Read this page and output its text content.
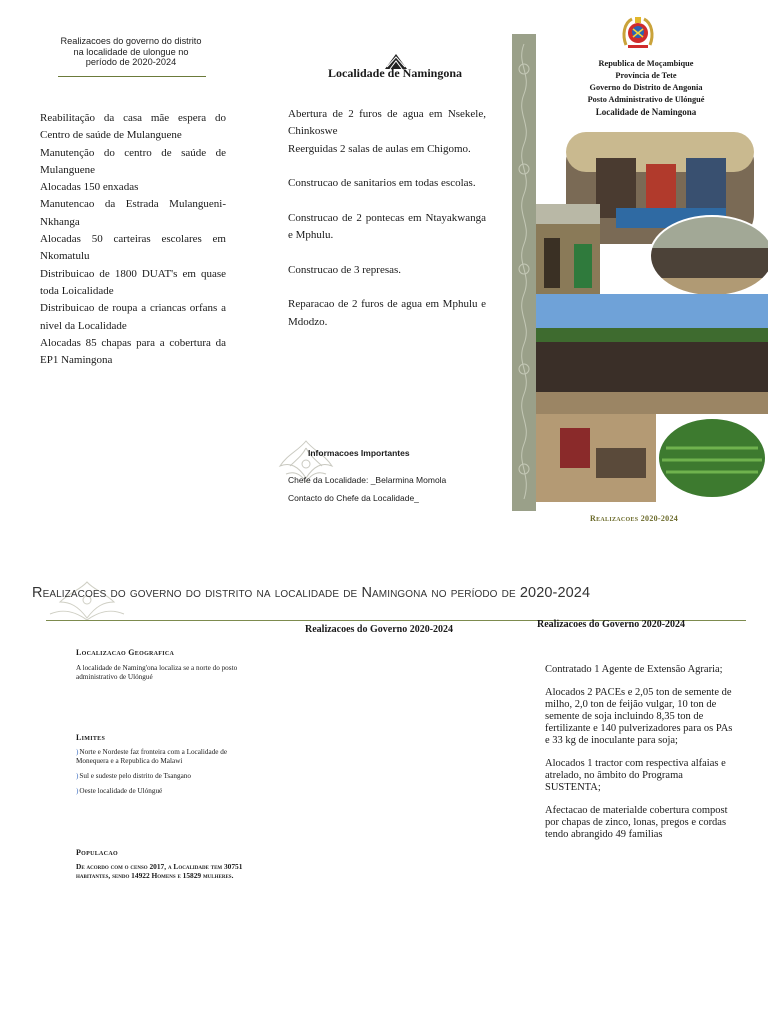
Realizacoes do governo do distrito na localidade de ulongue no período de 2020-2024

Reabilitação da casa mãe espera do Centro de saúde de Mulanguene

Manutenção do centro de saúde de Mulanguene

Alocadas 150 enxadas

Manutencao da Estrada Mulangueni-Nkhanga

Alocadas 50 carteiras escolares em Nkomatulu

Distribuicao de 1800 DUAT's em quase toda Loicalidade

Distribuicao de roupa a criancas orfans a nivel da Localidade

Alocadas 85 chapas para a cobertura da EP1 Namingona

Localidade de Namingona

Abertura de 2 furos de agua em Nsekele, Chinkoswe

Reerguidas 2 salas de aulas em Chigomo.

Construcao de sanitarios em todas escolas.

Construcao de 2 pontecas em Ntayakwanga e Mphulu.

Construcao de 3 represas.

Reparacao de 2 furos de agua em Mphulu e Mdodzo.

Informacoes Importantes
Chefe da Localidade: _Belarmina Momola
Contacto do Chefe da Localidade_
Republica de Moçambique
Província de Tete
Governo do Distrito de Angonia
Posto Administrativo de Ulóngué
Localidade de Namingona
Realizacoes 2020-2024
Realizacoes do governo do distrito na localidade de Namingona no período de 2020-2024
Realizacoes do Governo 2020-2024	Realizacoes do Governo 2020-2024
Localizacao Geografica
A localidade de Naming'ona localiza se a norte do posto administrativo de Ulóngué
Limites
)Norte e Nordeste faz fronteira com a Localidade de Monequera e a Republica do Malawi
)Sul e sudeste pelo distrito de Tsangano
)Oeste localidade de Ulóngué
Populacao
De acordo com o censo 2017, a Localidade tem 30751 habitantes, sendo 14922 Homens e 15829 mulheres.

Contratado 1 Agente de Extensão Agraria;

Alocados 2 PACEs e 2,05 ton de semente de milho, 2,0 ton de feijão vulgar, 10 ton de semente de soja incluindo 8,35 ton de fertilizante e 140 pulverizadores para os PAs e 33 kg de inoculante para soja;

Alocados 1 tractor com respectiva alfaias e atrelado, no âmbito do Programa SUSTENTA;

Afectacao de materialde cobertura compost por chapas de zinco, lonas, pregos e cordas tendo abrangido 49 familias
